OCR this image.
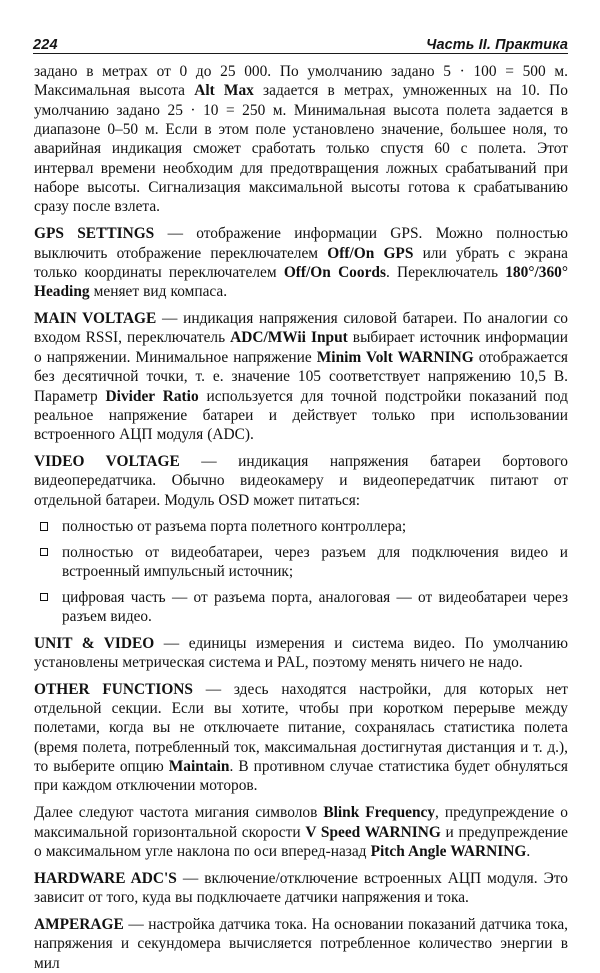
224	Часть II. Практика

задано в метрах от 0 до 25 000. По умолчанию задано 5 · 100 = 500 м. Максимальная высота Alt Max задается в метрах, умноженных на 10. По умолчанию задано 25 · 10 = 250 м. Минимальная высота полета задается в диапазоне 0–50 м. Если в этом поле установлено значение, большее ноля, то аварийная индикация сможет сработать только спустя 60 с полета. Этот интервал времени необходим для предотвращения ложных срабатываний при наборе высоты. Сигнализация максимальной высоты готова к срабатыванию сразу после взлета.

GPS SETTINGS — отображение информации GPS. Можно полностью выключить отображение переключателем Off/On GPS или убрать с экрана только координаты переключателем Off/On Coords. Переключатель 180°/360° Heading меняет вид компаса.

MAIN VOLTAGE — индикация напряжения силовой батареи. По аналогии со входом RSSI, переключатель ADC/MWii Input выбирает источник информации о напряжении. Минимальное напряжение Minim Volt WARNING отображается без десятичной точки, т. е. значение 105 соответствует напряжению 10,5 В. Параметр Divider Ratio используется для точной подстройки показаний под реальное напряжение батареи и действует только при использовании встроенного АЦП модуля (ADC).

VIDEO VOLTAGE — индикация напряжения батареи бортового видеопередатчика. Обычно видеокамеру и видеопередатчик питают от отдельной батареи. Модуль OSD может питаться:

полностью от разъема порта полетного контроллера;
полностью от видеобатареи, через разъем для подключения видео и встроенный импульсный источник;
цифровая часть — от разъема порта, аналоговая — от видеобатареи через разъем видео.

UNIT & VIDEO — единицы измерения и система видео. По умолчанию установлены метрическая система и PAL, поэтому менять ничего не надо.

OTHER FUNCTIONS — здесь находятся настройки, для которых нет отдельной секции. Если вы хотите, чтобы при коротком перерыве между полетами, когда вы не отключаете питание, сохранялась статистика полета (время полета, потребленный ток, максимальная достигнутая дистанция и т. д.), то выберите опцию Maintain. В противном случае статистика будет обнуляться при каждом отключении моторов.

Далее следуют частота мигания символов Blink Frequency, предупреждение о максимальной горизонтальной скорости V Speed WARNING и предупреждение о максимальном угле наклона по оси вперед-назад Pitch Angle WARNING.

HARDWARE ADC'S — включение/отключение встроенных АЦП модуля. Это зависит от того, куда вы подключаете датчики напряжения и тока.

AMPERAGE — настройка датчика тока. На основании показаний датчика тока, напряжения и секундомера вычисляется потребленное количество энергии в мил
